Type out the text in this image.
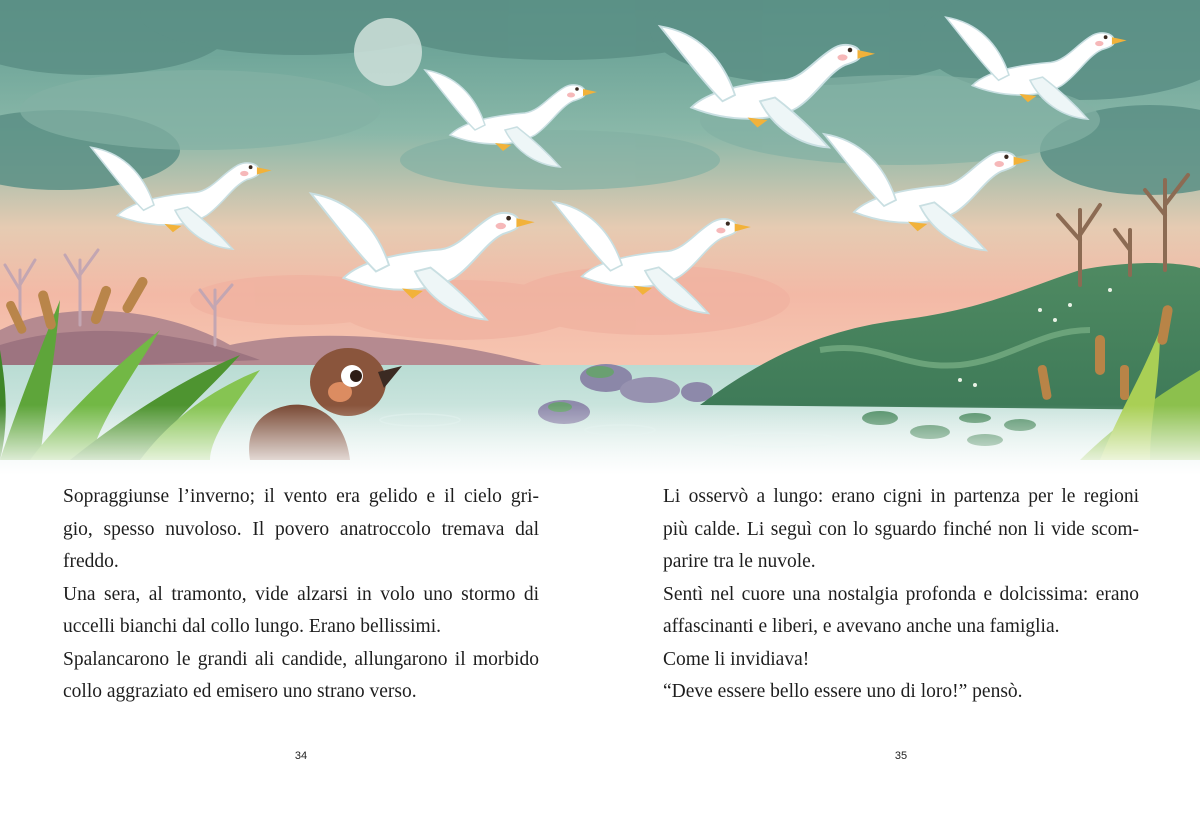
Sopraggiunse l’inverno; il vento era gelido e il cielo gri-
gio, spesso nuvoloso. Il povero anatroccolo tremava dal
freddo.
Una sera, al tramonto, vide alzarsi in volo uno stormo di
uccelli bianchi dal collo lungo. Erano bellissimi.
Spalancarono le grandi ali candide, allungarono il morbido
collo aggraziato ed emisero uno strano verso.
Li osservò a lungo: erano cigni in partenza per le regioni
più calde. Li seguì con lo sguardo finché non li vide scom-
parire tra le nuvole.
Sentì nel cuore una nostalgia profonda e dolcissima: erano
affascinanti e liberi, e avevano anche una famiglia.
Come li invidiava!
“Deve essere bello essere uno di loro!” pensò.
34	35
